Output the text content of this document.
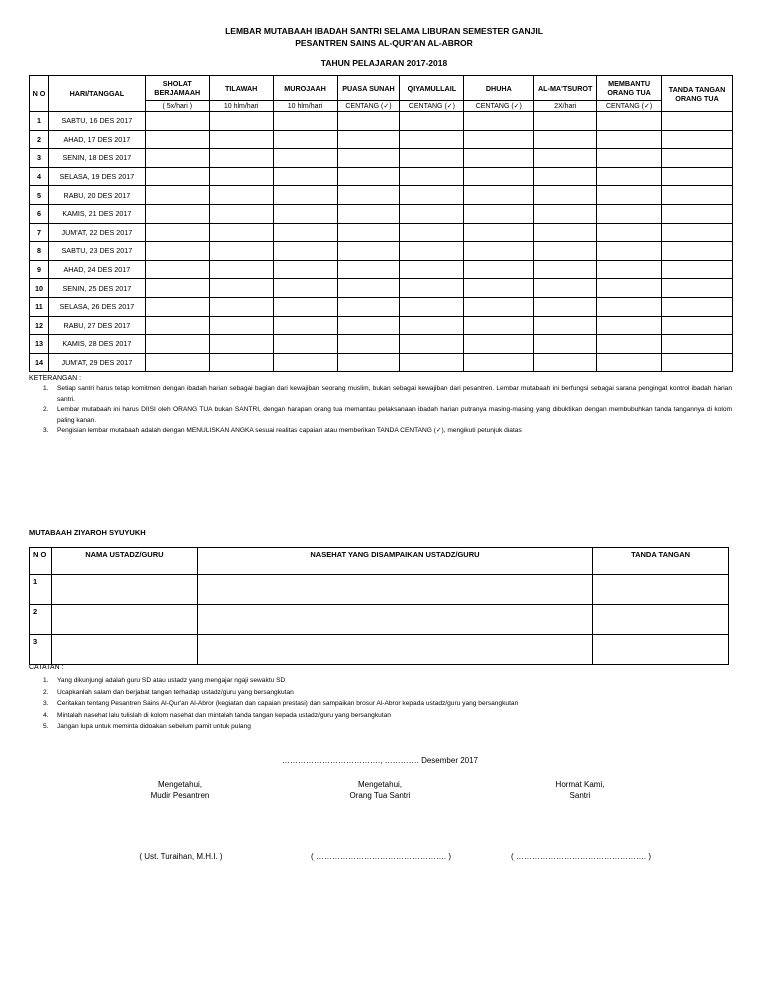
LEMBAR MUTABAAH IBADAH SANTRI SELAMA LIBURAN SEMESTER GANJIL
PESANTREN SAINS AL-QUR'AN AL-ABROR
TAHUN PELAJARAN 2017-2018
N O	HARI/TANGGAL	SHOLAT BERJAMAAH	TILAWAH	MUROJAAH	PUASA SUNAH	QIYAMULLAIL	DHUHA	AL-MA'TSUROT	MEMBANTU ORANG TUA	TANDA TANGAN ORANG TUA
		( 5x/hari )	10 hlm/hari	10 hlm/hari	CENTANG (✓)	CENTANG (✓)	CENTANG (✓)	2X/hari	CENTANG (✓)	
1	SABTU, 16 DES 2017									
2	AHAD, 17 DES 2017									
3	SENIN, 18 DES 2017									
4	SELASA, 19 DES 2017									
5	RABU, 20 DES 2017									
6	KAMIS, 21 DES 2017									
7	JUM'AT, 22 DES 2017									
8	SABTU, 23 DES 2017									
9	AHAD, 24 DES 2017									
10	SENIN, 25 DES 2017									
11	SELASA, 26 DES 2017									
12	RABU, 27 DES 2017									
13	KAMIS, 28 DES 2017									
14	JUM'AT, 29 DES 2017									
KETERANGAN :
1. Setiap santri harus tetap komitmen dengan ibadah harian sebagai bagian dari kewajiban seorang muslim, bukan sebagai kewajiban dari pesantren. Lembar mutabaah ini berfungsi sebagai sarana pengingat kontrol ibadah harian santri.
2. Lembar mutabaah ini harus DIISI oleh ORANG TUA bukan SANTRI, dengan harapan orang tua memantau pelaksanaan ibadah harian putranya masing-masing yang dibuktikan dengan membubuhkan tanda tangannya di kolom paling kanan.
3. Pengisian lembar mutabaah adalah dengan MENULISKAN ANGKA sesuai realitas capaian atau memberikan TANDA CENTANG (✓), mengikuti petunjuk diatas
MUTABAAH ZIYAROH SYUYUKH
N O	NAMA USTADZ/GURU	NASEHAT YANG DISAMPAIKAN USTADZ/GURU	TANDA TANGAN
1			
2			
3			
CATATAN :
1. Yang dikunjungi adalah guru SD atau ustadz yang mengajar ngaji sewaktu SD
2. Ucapkanlah salam dan berjabat tangan terhadap ustadz/guru yang bersangkutan
3. Ceritakan tentang Pesantren Sains Al-Qur'an Al-Abror (kegiatan dan capaian prestasi) dan sampaikan brosur Al-Abror kepada ustadz/guru yang bersangkutan
4. Mintalah nasehat lalu tulislah di kolom nasehat dan mintalah tanda tangan kepada ustadz/guru yang bersangkutan
5. Jangan lupa untuk meminta didoakan sebelum pamit untuk pulang
………………………………., …………. Desember 2017
Mengetahui,
Mudir Pesantren
Mengetahui,
Orang Tua Santri
Hormat Kami,
Santri
( Ust. Turaihan, M.H.I. )	( …………………………………………. )	( …………………………………………. )
